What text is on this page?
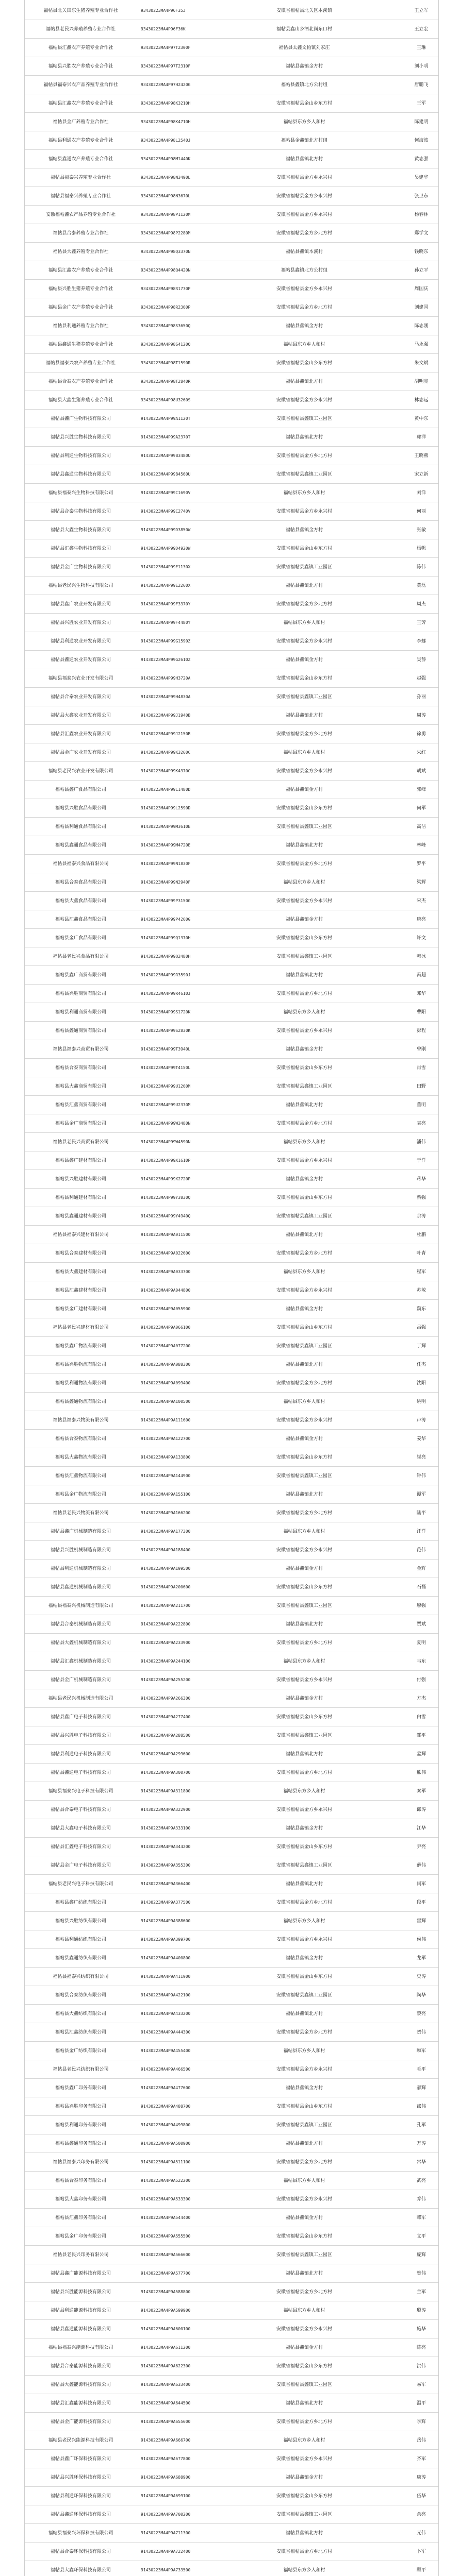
福帖县北关田东生猪养殖专业合作社	93430223MA4P96F35J	安徽省福帖县北关区本溪镇	王立军
福帖县老民兴养殖养殖专业合作社	93430223MA4P96F36K	福帖县鑫山乡泗北岗东口村	王立宏
福帖县汇鑫农产养殖专业合作社	93430223MA4P97T2300F	福帖县太鑫文帕镇刘家庄	王琳
福帖县兴胜农产养殖专业合作社	93430223MA4P97T2310F	福帖县鑫镇金方村	刘小明
福帖县福泰兴农产品养殖专业合作社	93430223MA4P97H2420G	福帖县鑫镇北方公村组	唐鹏飞
福帖县汇鑫农产养殖专业合作社	93430223MA4P98K3210H	安徽省福帖县金山乡东方村	王军
福帖县金广养殖专业合作社	93430223MA4P98K4710H	福帖县东方乡人和村	陈建明
福帖县利通农产养殖专业合作社	93430223MA4P98L2540J	福帖县金鑫镇北方村组	何海波
福帖县鑫通农产养殖专业合作社	93430223MA4P98M1440K	福帖县鑫镇北方村	黄志强
福帖县福泰兴养殖专业合作社	93430223MA4P98N3490L	安徽省福帖县金方乡永兴村	吴建华
福帖县福泰兴养殖专业合作社	93430223MA4P98N3670L	安徽省福帖县金方乡永兴村	张卫东
安徽福帖鑫农产品养殖专业合作社	93430223MA4P98P1120M	安徽省福帖县金方乡永兴村	杨春林
福帖县合泰养殖专业合作社	93430223MA4P98P2280M	安徽省福帖县金方乡北方村	郑学文
福帖县大鑫养殖专业合作社	93430223MA4P98Q3370N	福帖县鑫镇本溪村	钱晓东
福帖县汇鑫农产养殖专业合作社	93430223MA4P98Q4420N	福帖县鑫镇北方公村组	孙立平
福帖县兴胜生猪养殖专业合作社	93430223MA4P98R1770P	安徽省福帖县金方乡永兴村	周国庆
福帖县金广农产养殖专业合作社	93430223MA4P98R2360P	安徽省福帖县金方乡北方村	刘建国
福帖县利通养殖专业合作社	93430223MA4P98S3650Q	福帖县鑫镇金方村	陈志刚
福帖县鑫通生猪养殖专业合作社	93430223MA4P98S4120Q	福帖县东方乡人和村	马永强
福帖县福泰兴农产养殖专业合作社	93430223MA4P98T1590R	安徽省福帖县金山乡东方村	朱文斌
福帖县合泰农产养殖专业合作社	93430223MA4P98T2840R	福帖县鑫镇北方村	胡明亮
福帖县大鑫生猪养殖专业合作社	93430223MA4P98U3260S	安徽省福帖县金方乡永兴村	林志远
福帖县鑫广生物科技有限公司	91430223MA4P99A1120T	安徽省福帖县鑫镇工业园区	黄中东
福帖县兴胜生物科技有限公司	91430223MA4P99A2370T	福帖县鑫镇北方村	郭洋
福帖县利通生物科技有限公司	91430223MA4P99B3480U	安徽省福帖县金方乡北方村	王晓燕
福帖县鑫通生物科技有限公司	91430223MA4P99B4560U	安徽省福帖县鑫镇工业园区	宋立新
福帖县福泰兴生物科技有限公司	91430223MA4P99C1690V	福帖县东方乡人和村	刘洋
福帖县合泰生物科技有限公司	91430223MA4P99C2740V	安徽省福帖县金方乡永兴村	何丽
福帖县大鑫生物科技有限公司	91430223MA4P99D3850W	福帖县鑫镇金方村	张敏
福帖县汇鑫生物科技有限公司	91430223MA4P99D4920W	安徽省福帖县金山乡东方村	杨帆
福帖县金广生物科技有限公司	91430223MA4P99E1130X	安徽省福帖县鑫镇工业园区	陈伟
福帖县老民兴生物科技有限公司	91430223MA4P99E2260X	福帖县鑫镇北方村	黄磊
福帖县鑫广农业开发有限公司	91430223MA4P99F3370Y	安徽省福帖县金方乡北方村	周杰
福帖县兴胜农业开发有限公司	91430223MA4P99F4480Y	福帖县东方乡人和村	王芳
福帖县利通农业开发有限公司	91430223MA4P99G1590Z	安徽省福帖县金方乡永兴村	李娜
福帖县鑫通农业开发有限公司	91430223MA4P99G2610Z	福帖县鑫镇金方村	吴静
福帖县福泰兴农业开发有限公司	91430223MA4P99H3720A	安徽省福帖县金山乡东方村	赵强
福帖县合泰农业开发有限公司	91430223MA4P99H4830A	安徽省福帖县鑫镇工业园区	孙丽
福帖县大鑫农业开发有限公司	91430223MA4P99J1940B	福帖县鑫镇北方村	周涛
福帖县汇鑫农业开发有限公司	91430223MA4P99J2150B	安徽省福帖县金方乡北方村	徐勇
福帖县金广农业开发有限公司	91430223MA4P99K3260C	福帖县东方乡人和村	朱红
福帖县老民兴农业开发有限公司	91430223MA4P99K4370C	安徽省福帖县金方乡永兴村	胡斌
福帖县鑫广食品有限公司	91430223MA4P99L1480D	福帖县鑫镇金方村	郭峰
福帖县兴胜食品有限公司	91430223MA4P99L2590D	安徽省福帖县金山乡东方村	何军
福帖县利通食品有限公司	91430223MA4P99M3610E	安徽省福帖县鑫镇工业园区	高洁
福帖县鑫通食品有限公司	91430223MA4P99M4720E	福帖县鑫镇北方村	林峰
福帖县福泰兴食品有限公司	91430223MA4P99N1830F	安徽省福帖县金方乡北方村	罗平
福帖县合泰食品有限公司	91430223MA4P99N2940F	福帖县东方乡人和村	梁辉
福帖县大鑫食品有限公司	91430223MA4P99P3150G	安徽省福帖县金方乡永兴村	宋杰
福帖县汇鑫食品有限公司	91430223MA4P99P4260G	福帖县鑫镇金方村	唐亮
福帖县金广食品有限公司	91430223MA4P99Q1370H	安徽省福帖县金山乡东方村	许文
福帖县老民兴食品有限公司	91430223MA4P99Q2480H	安徽省福帖县鑫镇工业园区	韩冰
福帖县鑫广商贸有限公司	91430223MA4P99R3590J	福帖县鑫镇北方村	冯超
福帖县兴胜商贸有限公司	91430223MA4P99R4610J	安徽省福帖县金方乡北方村	邓华
福帖县利通商贸有限公司	91430223MA4P99S1720K	福帖县东方乡人和村	曹阳
福帖县鑫通商贸有限公司	91430223MA4P99S2830K	安徽省福帖县金方乡永兴村	彭程
福帖县福泰兴商贸有限公司	91430223MA4P99T3940L	福帖县鑫镇金方村	曾刚
福帖县合泰商贸有限公司	91430223MA4P99T4150L	安徽省福帖县金山乡东方村	肖雪
福帖县大鑫商贸有限公司	91430223MA4P99U1260M	安徽省福帖县鑫镇工业园区	田野
福帖县汇鑫商贸有限公司	91430223MA4P99U2370M	福帖县鑫镇北方村	董明
福帖县金广商贸有限公司	91430223MA4P99W3480N	安徽省福帖县金方乡北方村	袁亮
福帖县老民兴商贸有限公司	91430223MA4P99W4590N	福帖县东方乡人和村	潘伟
福帖县鑫广建材有限公司	91430223MA4P99X1610P	安徽省福帖县金方乡永兴村	于洋
福帖县兴胜建材有限公司	91430223MA4P99X2720P	福帖县鑫镇金方村	蒋华
福帖县利通建材有限公司	91430223MA4P99Y3830Q	安徽省福帖县金山乡东方村	蔡强
福帖县鑫通建材有限公司	91430223MA4P99Y4940Q	安徽省福帖县鑫镇工业园区	余涛
福帖县福泰兴建材有限公司	91430223MA4P9A011500	福帖县鑫镇北方村	杜鹏
福帖县合泰建材有限公司	91430223MA4P9A022600	安徽省福帖县金方乡北方村	叶青
福帖县大鑫建材有限公司	91430223MA4P9A033700	福帖县东方乡人和村	程军
福帖县汇鑫建材有限公司	91430223MA4P9A044800	安徽省福帖县金方乡永兴村	苏敏
福帖县金广建材有限公司	91430223MA4P9A055900	福帖县鑫镇金方村	魏东
福帖县老民兴建材有限公司	91430223MA4P9A066100	安徽省福帖县金山乡东方村	吕强
福帖县鑫广物流有限公司	91430223MA4P9A077200	安徽省福帖县鑫镇工业园区	丁辉
福帖县兴胜物流有限公司	91430223MA4P9A088300	福帖县鑫镇北方村	任杰
福帖县利通物流有限公司	91430223MA4P9A099400	安徽省福帖县金方乡北方村	沈阳
福帖县鑫通物流有限公司	91430223MA4P9A100500	福帖县东方乡人和村	姚明
福帖县福泰兴物流有限公司	91430223MA4P9A111600	安徽省福帖县金方乡永兴村	卢涛
福帖县合泰物流有限公司	91430223MA4P9A122700	福帖县鑫镇金方村	姜华
福帖县大鑫物流有限公司	91430223MA4P9A133800	安徽省福帖县金山乡东方村	崔亮
福帖县汇鑫物流有限公司	91430223MA4P9A144900	安徽省福帖县鑫镇工业园区	钟伟
福帖县金广物流有限公司	91430223MA4P9A155100	福帖县鑫镇北方村	谭军
福帖县老民兴物流有限公司	91430223MA4P9A166200	安徽省福帖县金方乡北方村	陆平
福帖县鑫广机械制造有限公司	91430223MA4P9A177300	福帖县东方乡人和村	汪洋
福帖县兴胜机械制造有限公司	91430223MA4P9A188400	安徽省福帖县金方乡永兴村	范伟
福帖县利通机械制造有限公司	91430223MA4P9A199500	福帖县鑫镇金方村	金辉
福帖县鑫通机械制造有限公司	91430223MA4P9A200600	安徽省福帖县金山乡东方村	石磊
福帖县福泰兴机械制造有限公司	91430223MA4P9A211700	安徽省福帖县鑫镇工业园区	廖强
福帖县合泰机械制造有限公司	91430223MA4P9A222800	福帖县鑫镇北方村	贾斌
福帖县大鑫机械制造有限公司	91430223MA4P9A233900	安徽省福帖县金方乡北方村	夏明
福帖县汇鑫机械制造有限公司	91430223MA4P9A244100	福帖县东方乡人和村	韦东
福帖县金广机械制造有限公司	91430223MA4P9A255200	安徽省福帖县金方乡永兴村	付强
福帖县老民兴机械制造有限公司	91430223MA4P9A266300	福帖县鑫镇金方村	方杰
福帖县鑫广电子科技有限公司	91430223MA4P9A277400	安徽省福帖县金山乡东方村	白雪
福帖县兴胜电子科技有限公司	91430223MA4P9A288500	安徽省福帖县鑫镇工业园区	邹平
福帖县利通电子科技有限公司	91430223MA4P9A299600	福帖县鑫镇北方村	孟辉
福帖县鑫通电子科技有限公司	91430223MA4P9A300700	安徽省福帖县金方乡北方村	熊伟
福帖县福泰兴电子科技有限公司	91430223MA4P9A311800	福帖县东方乡人和村	秦军
福帖县合泰电子科技有限公司	91430223MA4P9A322900	安徽省福帖县金方乡永兴村	邱涛
福帖县大鑫电子科技有限公司	91430223MA4P9A333100	福帖县鑫镇金方村	江华
福帖县汇鑫电子科技有限公司	91430223MA4P9A344200	安徽省福帖县金山乡东方村	尹亮
福帖县金广电子科技有限公司	91430223MA4P9A355300	安徽省福帖县鑫镇工业园区	薛伟
福帖县老民兴电子科技有限公司	91430223MA4P9A366400	福帖县鑫镇北方村	闫军
福帖县鑫广纺织有限公司	91430223MA4P9A377500	安徽省福帖县金方乡北方村	段平
福帖县兴胜纺织有限公司	91430223MA4P9A388600	福帖县东方乡人和村	雷辉
福帖县利通纺织有限公司	91430223MA4P9A399700	安徽省福帖县金方乡永兴村	侯伟
福帖县鑫通纺织有限公司	91430223MA4P9A400800	福帖县鑫镇金方村	龙军
福帖县福泰兴纺织有限公司	91430223MA4P9A411900	安徽省福帖县金山乡东方村	史涛
福帖县合泰纺织有限公司	91430223MA4P9A422100	安徽省福帖县鑫镇工业园区	陶华
福帖县大鑫纺织有限公司	91430223MA4P9A433200	福帖县鑫镇北方村	黎亮
福帖县汇鑫纺织有限公司	91430223MA4P9A444300	安徽省福帖县金方乡北方村	贺伟
福帖县金广纺织有限公司	91430223MA4P9A455400	福帖县东方乡人和村	顾军
福帖县老民兴纺织有限公司	91430223MA4P9A466500	安徽省福帖县金方乡永兴村	毛平
福帖县鑫广印务有限公司	91430223MA4P9A477600	福帖县鑫镇金方村	郝辉
福帖县兴胜印务有限公司	91430223MA4P9A488700	安徽省福帖县金山乡东方村	邵伟
福帖县利通印务有限公司	91430223MA4P9A499800	安徽省福帖县鑫镇工业园区	孔军
福帖县鑫通印务有限公司	91430223MA4P9A500900	福帖县鑫镇北方村	万涛
福帖县福泰兴印务有限公司	91430223MA4P9A511100	安徽省福帖县金方乡北方村	常华
福帖县合泰印务有限公司	91430223MA4P9A522200	福帖县东方乡人和村	武亮
福帖县大鑫印务有限公司	91430223MA4P9A533300	安徽省福帖县金方乡永兴村	乔伟
福帖县汇鑫印务有限公司	91430223MA4P9A544400	福帖县鑫镇金方村	赖军
福帖县金广印务有限公司	91430223MA4P9A555500	安徽省福帖县金山乡东方村	文平
福帖县老民兴印务有限公司	91430223MA4P9A566600	安徽省福帖县鑫镇工业园区	庞辉
福帖县鑫广能源科技有限公司	91430223MA4P9A577700	福帖县鑫镇北方村	樊伟
福帖县兴胜能源科技有限公司	91430223MA4P9A588800	安徽省福帖县金方乡北方村	兰军
福帖县利通能源科技有限公司	91430223MA4P9A599900	福帖县东方乡人和村	殷涛
福帖县鑫通能源科技有限公司	91430223MA4P9A600100	安徽省福帖县金方乡永兴村	施华
福帖县福泰兴能源科技有限公司	91430223MA4P9A611200	福帖县鑫镇金方村	陈亮
福帖县合泰能源科技有限公司	91430223MA4P9A622300	安徽省福帖县金山乡东方村	洪伟
福帖县大鑫能源科技有限公司	91430223MA4P9A633400	安徽省福帖县鑫镇工业园区	易军
福帖县汇鑫能源科技有限公司	91430223MA4P9A644500	福帖县鑫镇北方村	温平
福帖县金广能源科技有限公司	91430223MA4P9A655600	安徽省福帖县金方乡北方村	季辉
福帖县老民兴能源科技有限公司	91430223MA4P9A666700	福帖县东方乡人和村	岳伟
福帖县鑫广环保科技有限公司	91430223MA4P9A677800	安徽省福帖县金方乡永兴村	齐军
福帖县兴胜环保科技有限公司	91430223MA4P9A688900	福帖县鑫镇金方村	康涛
福帖县利通环保科技有限公司	91430223MA4P9A699100	安徽省福帖县金山乡东方村	伍华
福帖县鑫通环保科技有限公司	91430223MA4P9A700200	安徽省福帖县鑫镇工业园区	余亮
福帖县福泰兴环保科技有限公司	91430223MA4P9A711300	福帖县鑫镇北方村	元伟
福帖县合泰环保科技有限公司	91430223MA4P9A722400	安徽省福帖县金方乡北方村	卜军
福帖县大鑫环保科技有限公司	91430223MA4P9A733500	福帖县东方乡人和村	顾平
